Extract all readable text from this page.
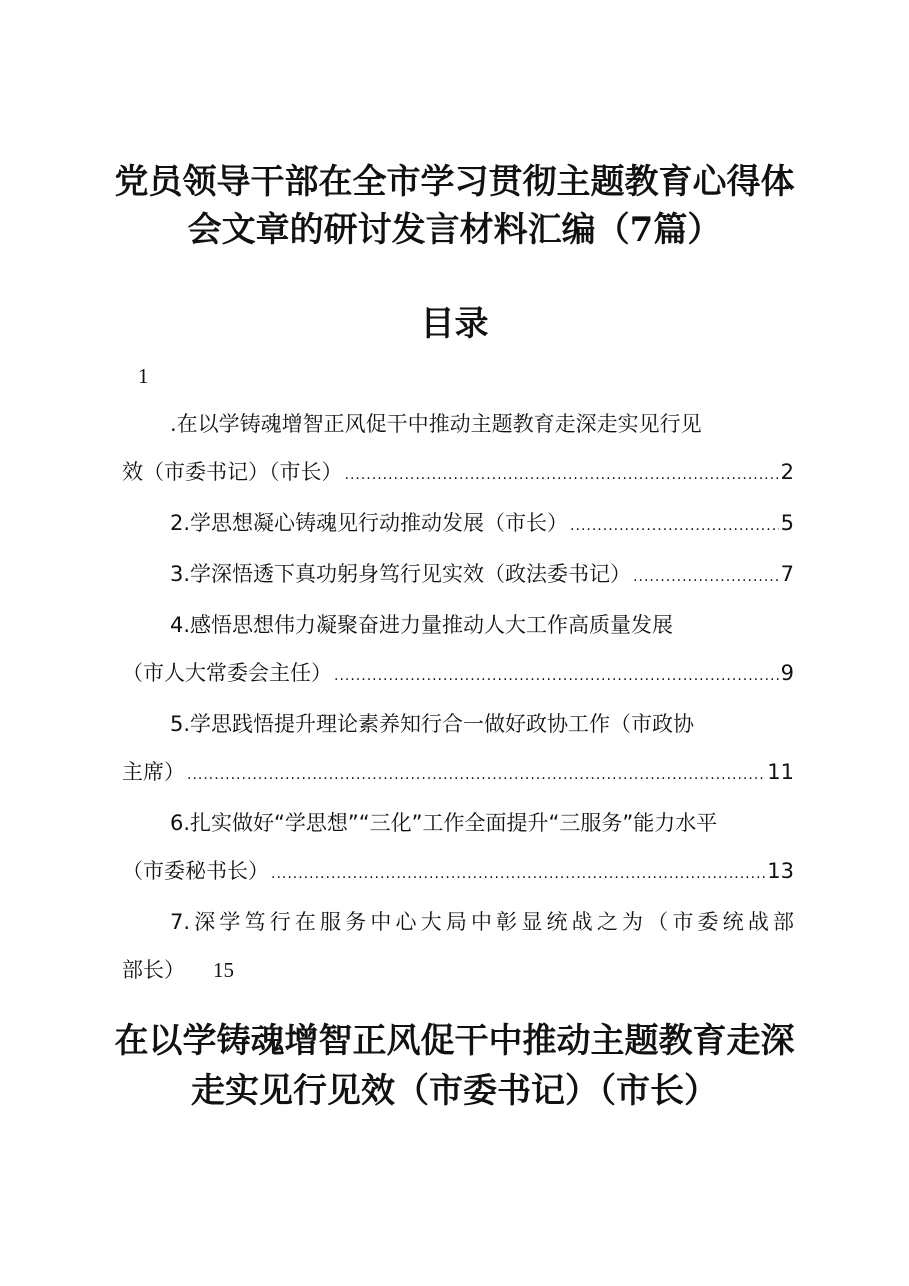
党员领导干部在全市学习贯彻主题教育心得体
会文章的研讨发言材料汇编（7篇）
目录
1
.在以学铸魂增智正风促干中推动主题教育走深走实见行见
效（市委书记）（市长） .....	2
2.学思想凝心铸魂见行动推动发展（市长） .....	5
3.学深悟透下真功躬身笃行见实效（政法委书记） .....	7
4.感悟思想伟力凝聚奋进力量推动人大工作高质量发展
（市人大常委会主任） .....	9
5.学思践悟提升理论素养知行合一做好政协工作（市政协
主席） .....	11
6.扎实做好“学思想”“三化”工作全面提升“三服务”能力水平
（市委秘书长） .....	13
7.深学笃行在服务中心大局中彰显统战之为（市委统战部
部长） 15
在以学铸魂增智正风促干中推动主题教育走深
走实见行见效（市委书记）（市长）
